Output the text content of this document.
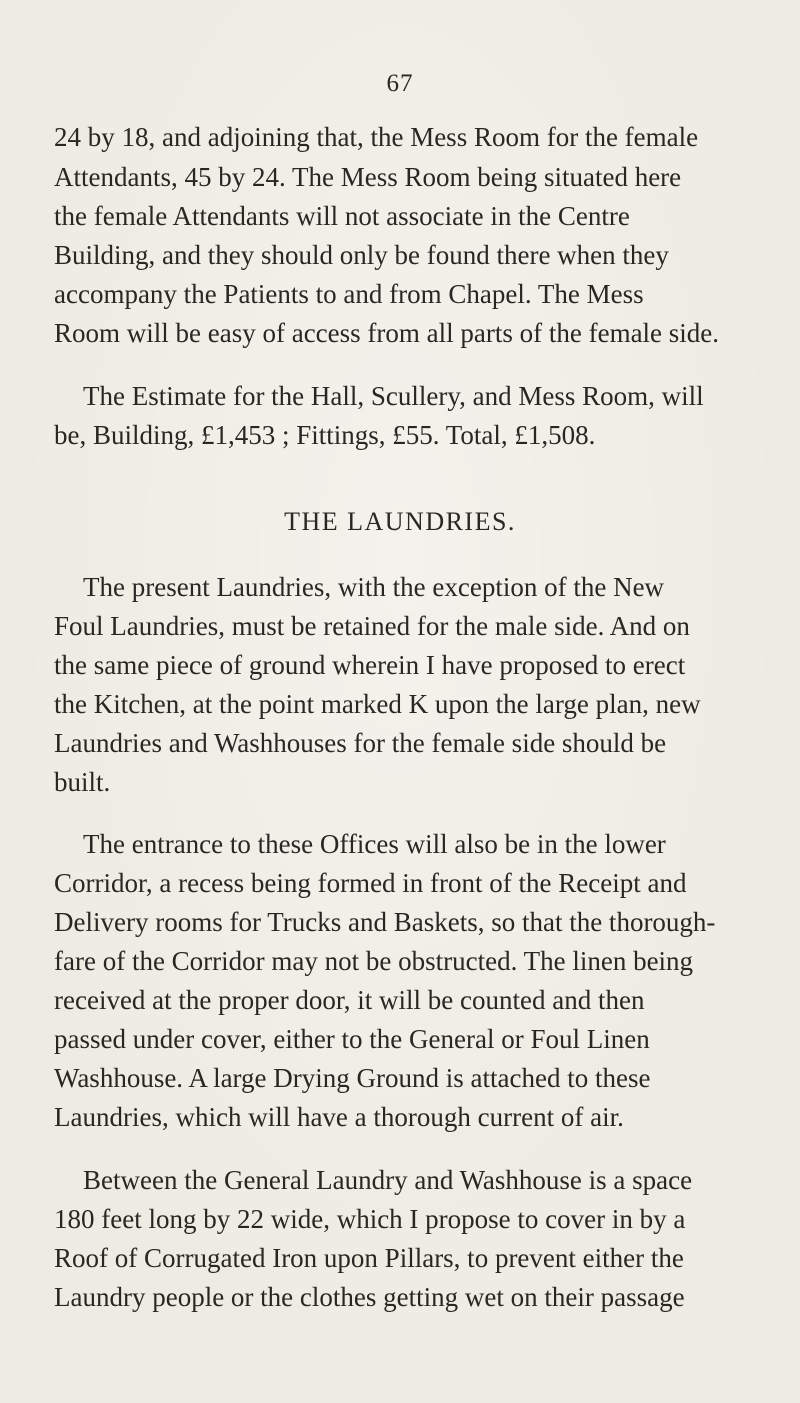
67
24 by 18, and adjoining that, the Mess Room for the female
Attendants, 45 by 24. The Mess Room being situated here
the female Attendants will not associate in the Centre
Building, and they should only be found there when they
accompany the Patients to and from Chapel. The Mess
Room will be easy of access from all parts of the female side.
The Estimate for the Hall, Scullery, and Mess Room, will
be, Building, £1,453 ; Fittings, £55. Total, £1,508.
THE LAUNDRIES.
The present Laundries, with the exception of the New
Foul Laundries, must be retained for the male side. And on
the same piece of ground wherein I have proposed to erect
the Kitchen, at the point marked K upon the large plan, new
Laundries and Washhouses for the female side should be
built.
The entrance to these Offices will also be in the lower
Corridor, a recess being formed in front of the Receipt and
Delivery rooms for Trucks and Baskets, so that the thorough-
fare of the Corridor may not be obstructed. The linen being
received at the proper door, it will be counted and then
passed under cover, either to the General or Foul Linen
Washhouse. A large Drying Ground is attached to these
Laundries, which will have a thorough current of air.
Between the General Laundry and Washhouse is a space
180 feet long by 22 wide, which I propose to cover in by a
Roof of Corrugated Iron upon Pillars, to prevent either the
Laundry people or the clothes getting wet on their passage
